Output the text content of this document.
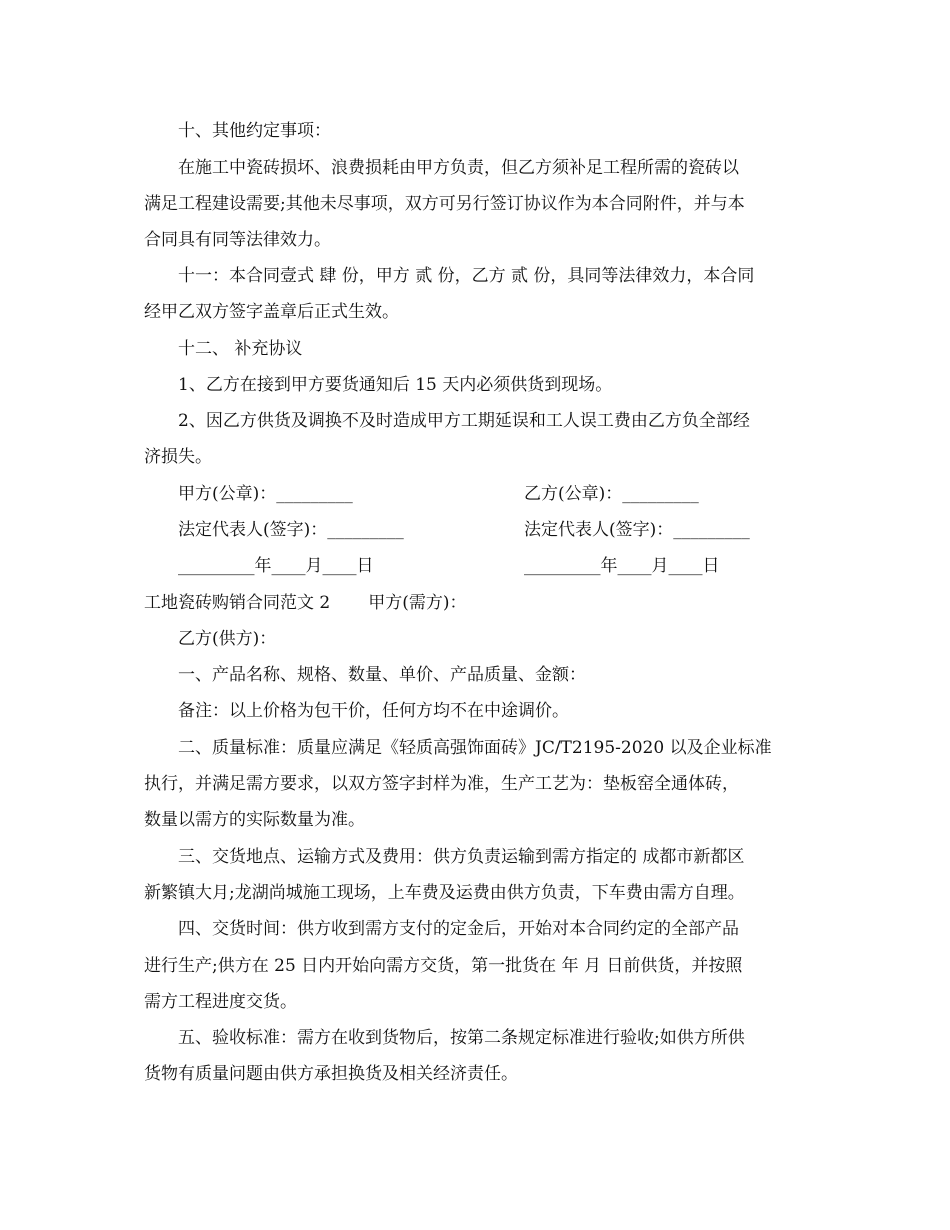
十、其他约定事项：
在施工中瓷砖损坏、浪费损耗由甲方负责，但乙方须补足工程所需的瓷砖以
满足工程建设需要;其他未尽事项，双方可另行签订协议作为本合同附件，并与本
合同具有同等法律效力。
十一：本合同壹式 肆 份，甲方 贰 份，乙方 贰 份，具同等法律效力，本合同
经甲乙双方签字盖章后正式生效。
十二、 补充协议
1、乙方在接到甲方要货通知后 15 天内必须供货到现场。
2、因乙方供货及调换不及时造成甲方工期延误和工人误工费由乙方负全部经
济损失。
甲方(公章)：_________	乙方(公章)：_________
法定代表人(签字)：_________	法定代表人(签字)：_________
_________年____月____日	_________年____月____日
工地瓷砖购销合同范文 2 甲方(需方)：
乙方(供方)：
一、产品名称、规格、数量、单价、产品质量、金额：
备注：以上价格为包干价，任何方均不在中途调价。
二、质量标准：质量应满足《轻质高强饰面砖》JC/T2195-2020 以及企业标准
执行，并满足需方要求，以双方签字封样为准，生产工艺为：垫板窑全通体砖，
数量以需方的实际数量为准。
三、交货地点、运输方式及费用：供方负责运输到需方指定的 成都市新都区
新繁镇大月;龙湖尚城施工现场，上车费及运费由供方负责，下车费由需方自理。
四、交货时间：供方收到需方支付的定金后，开始对本合同约定的全部产品
进行生产;供方在 25 日内开始向需方交货，第一批货在 年 月 日前供货，并按照
需方工程进度交货。
五、验收标准：需方在收到货物后，按第二条规定标准进行验收;如供方所供
货物有质量问题由供方承担换货及相关经济责任。
